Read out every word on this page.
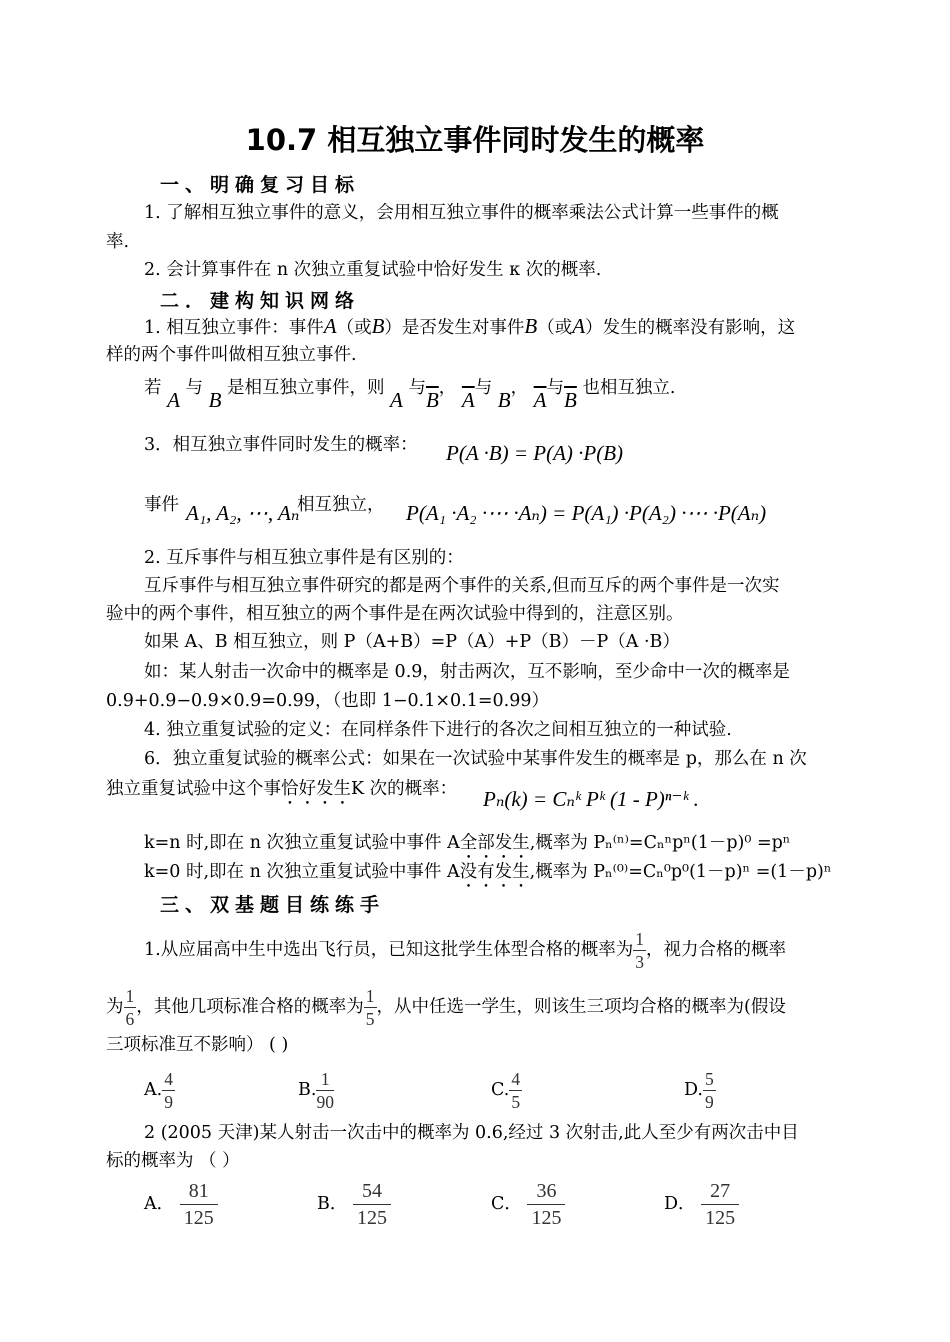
10.7 相互独立事件同时发生的概率
一、明确复习目标
1. 了解相互独立事件的意义，会用相互独立事件的概率乘法公式计算一些事件的概
率.
2. 会计算事件在 n 次独立重复试验中恰好发生 κ 次的概率.
二．建构知识网络
1. 相互独立事件：事件A（或B）是否发生对事件B（或A）发生的概率没有影响，这
样的两个事件叫做相互独立事件.
若 A 与 B 是相互独立事件，则 A 与$\overline{B}$， $\overline{A}$与 B， $\overline{A}$与$\overline{B}$ 也相互独立.
3．相互独立事件同时发生的概率： P(A ·B) = P(A) ·P(B)
事件 A₁, A₂, ⋯, Aₙ
相互独立， P(A₁ ·A₂ ·⋯ ·Aₙ) = P(A₁) ·P(A₂) ·⋯ ·P(Aₙ)
2. 互斥事件与相互独立事件是有区别的：
互斥事件与相互独立事件研究的都是两个事件的关系,但而互斥的两个事件是一次实
验中的两个事件，相互独立的两个事件是在两次试验中得到的，注意区别。
如果 A、B 相互独立，则 P（A+B）=P（A）+P（B）－P（A ·B）
如：某人射击一次命中的概率是 0.9，射击两次，互不影响，至少命中一次的概率是
0.9+0.9−0.9×0.9=0.99，（也即 1−0.1×0.1=0.99）
4. 独立重复试验的定义：在同样条件下进行的各次之间相互独立的一种试验.
6．独立重复试验的概率公式：如果在一次试验中某事件发生的概率是 p，那么在 n 次
独立重复试验中这个事恰好发生K 次的概率： Pₙ(k) = Cₙᵏ Pᵏ (1 - P)ⁿ⁻ᵏ .
k=n 时,即在 n 次独立重复试验中事件 A全部发生,概率为 Pₙ⁽ⁿ⁾=Cₙⁿpⁿ(1－p)⁰ =pⁿ
k=0 时,即在 n 次独立重复试验中事件 A没有发生,概率为 Pₙ⁽⁰⁾=Cₙ⁰p⁰(1－p)ⁿ =(1－p)ⁿ
三、双基题目练练手
1.从应届高中生中选出飞行员，已知这批学生体型合格的概率为 $\frac{1}{3}$ ，视力合格的概率
为 $\frac{1}{6}$ ，其他几项标准合格的概率为 $\frac{1}{5}$ ，从中任选一学生，则该生三项均合格的概率为(假设
三项标准互不影响） ( )
A. $\frac{4}{9}$	B. $\frac{1}{90}$	C. $\frac{4}{5}$	D. $\frac{5}{9}$
2 (2005 天津)某人射击一次击中的概率为 0.6,经过 3 次射击,此人至少有两次击中目
标的概率为 （ ）
A． $\frac{81}{125}$	B． $\frac{54}{125}$	C． $\frac{36}{125}$	D． $\frac{27}{125}$
